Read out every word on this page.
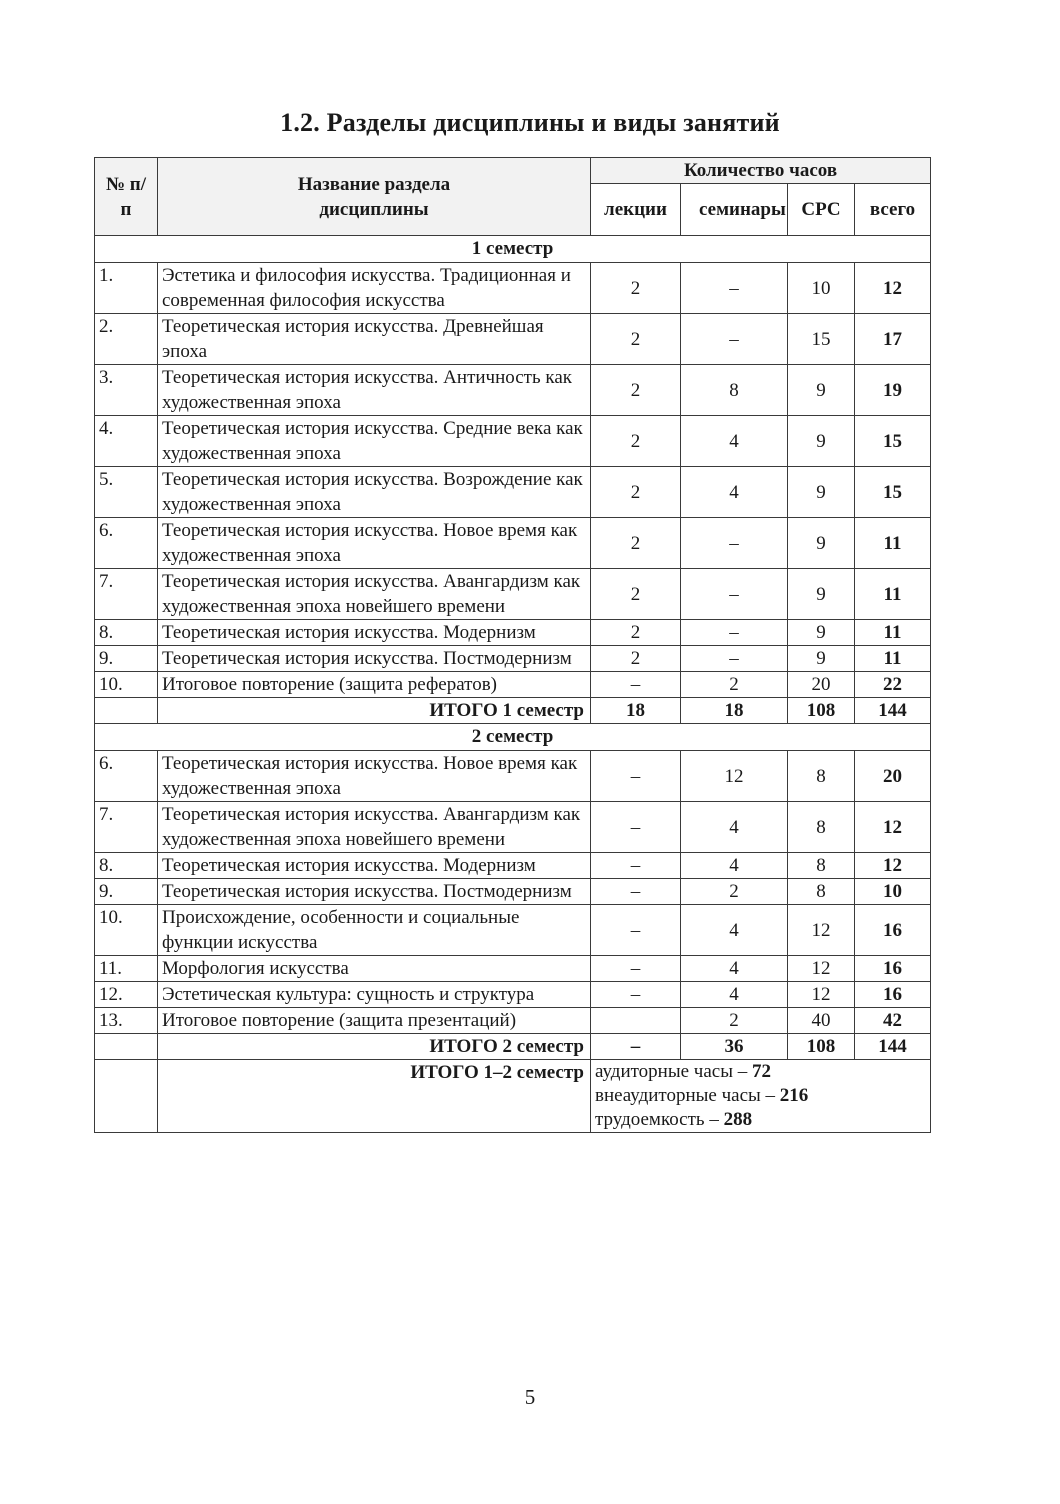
1.2. Разделы дисциплины и виды занятий
№ п/п	Название раздела дисциплины	Количество часов			
		лекции	семинары	СРС	всего
1 семестр					
1.	Эстетика и философия искусства. Традиционная и современная философия искусства	2	–	10	12
2.	Теоретическая история искусства. Древнейшая эпоха	2	–	15	17
3.	Теоретическая история искусства. Античность как художественная эпоха	2	8	9	19
4.	Теоретическая история искусства. Средние века как художественная эпоха	2	4	9	15
5.	Теоретическая история искусства. Возрождение как художественная эпоха	2	4	9	15
6.	Теоретическая история искусства. Новое время как художественная эпоха	2	–	9	11
7.	Теоретическая история искусства. Авангардизм как художественная эпоха новейшего времени	2	–	9	11
8.	Теоретическая история искусства. Модернизм	2	–	9	11
9.	Теоретическая история искусства. Постмодернизм	2	–	9	11
10.	Итоговое повторение (защита рефератов)	–	2	20	22
	ИТОГО 1 семестр	18	18	108	144
2 семестр					
6.	Теоретическая история искусства. Новое время как художественная эпоха	–	12	8	20
7.	Теоретическая история искусства. Авангардизм как художественная эпоха новейшего времени	–	4	8	12
8.	Теоретическая история искусства. Модернизм	–	4	8	12
9.	Теоретическая история искусства. Постмодернизм	–	2	8	10
10.	Происхождение, особенности и социальные функции искусства	–	4	12	16
11.	Морфология искусства	–	4	12	16
12.	Эстетическая культура: сущность и структура	–	4	12	16
13.	Итоговое повторение (защита презентаций)		2	40	42
	ИТОГО 2 семестр	–	36	108	144
	ИТОГО 1–2 семестр	аудиторные часы – 72
внеаудиторные часы – 216
трудоемкость – 288			
5
